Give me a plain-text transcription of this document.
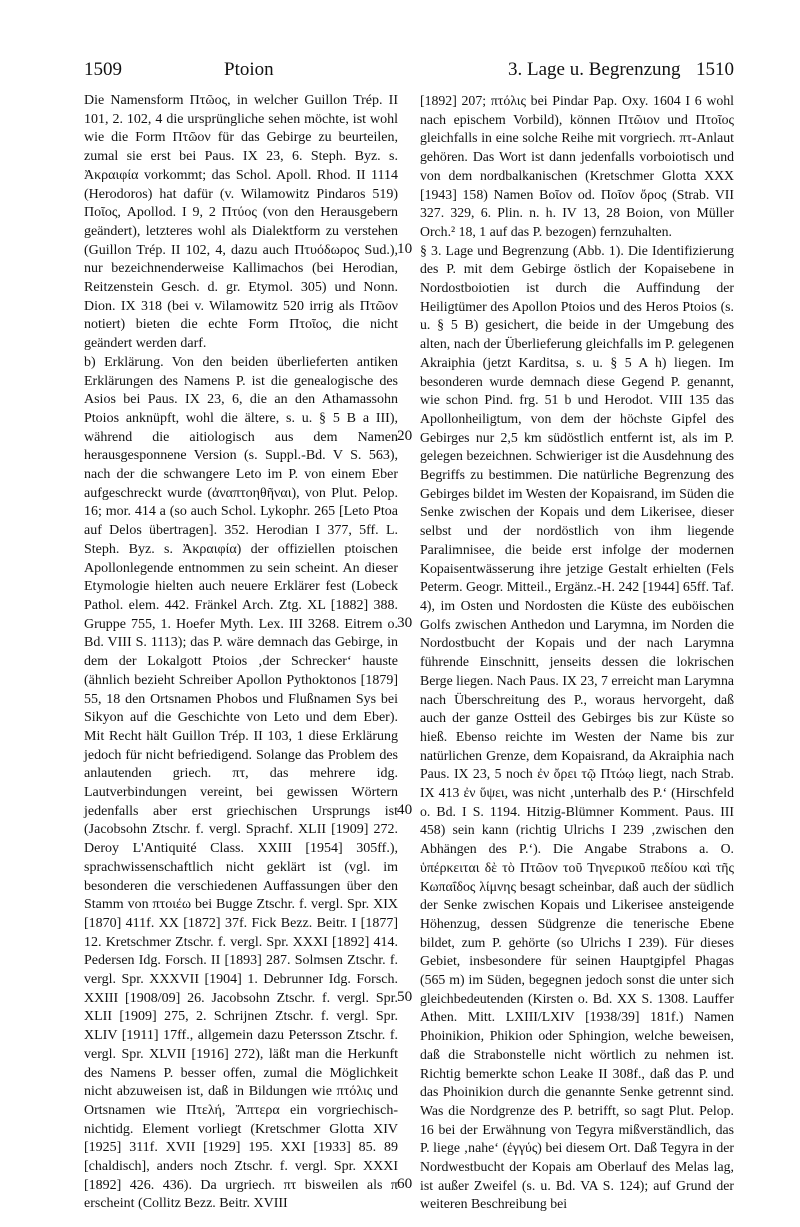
1509	Ptoion	3. Lage u. Begrenzung 1510

Die Namensform Πτῶος, in welcher Guillon Trép. II 101, 2. 102, 4 die ursprüngliche sehen möchte, ist wohl wie die Form Πτῶον für das Gebirge zu beurteilen, zumal sie erst bei Paus. IX 23, 6. Steph. Byz. s. Ἀκραιφία vorkommt; das Schol. Apoll. Rhod. II 1114 (Herodoros) hat dafür (v. Wilamowitz Pindaros 519) Ποῖος, Apollod. I 9, 2 Πτύος (von den Herausgebern geändert), letzteres wohl als Dialektform zu verstehen (Guillon Trép. II 102, 4, dazu auch Πτυόδωρος Sud.), nur bezeichnenderweise Kallimachos (bei Herodian, Reitzenstein Gesch. d. gr. Etymol. 305) und Nonn. Dion. IX 318 (bei v. Wilamowitz 520 irrig als Πτῶον notiert) bieten die echte Form Πτοῖος, die nicht geändert werden darf.

b) Erklärung. Von den beiden überlieferten antiken Erklärungen des Namens P. ist die genealogische des Asios bei Paus. IX 23, 6, die an den Athamassohn Ptoios anknüpft, wohl die ältere, s. u. § 5 B a III), während die aitiologisch aus dem Namen herausgesponnene Version (s. Suppl.-Bd. V S. 563), nach der die schwangere Leto im P. von einem Eber aufgeschreckt wurde (ἀναπτοηθῆναι), von Plut. Pelop. 16; mor. 414 a (so auch Schol. Lykophr. 265 [Leto Ptoa auf Delos übertragen]. 352. Herodian I 377, 5ff. L. Steph. Byz. s. Ἀκραιφία) der offiziellen ptoischen Apollonlegende entnommen zu sein scheint. An dieser Etymologie hielten auch neuere Erklärer fest (Lobeck Pathol. elem. 442. Fränkel Arch. Ztg. XL [1882] 388. Gruppe 755, 1. Hoefer Myth. Lex. III 3268. Eitrem o. Bd. VIII S. 1113); das P. wäre demnach das Gebirge, in dem der Lokalgott Ptoios ‚der Schrecker‘ hauste (ähnlich bezieht Schreiber Apollon Pythoktonos [1879] 55, 18 den Ortsnamen Phobos und Flußnamen Sys bei Sikyon auf die Geschichte von Leto und dem Eber). Mit Recht hält Guillon Trép. II 103, 1 diese Erklärung jedoch für nicht befriedigend. Solange das Problem des anlautenden griech. πτ, das mehrere idg. Lautverbindungen vereint, bei gewissen Wörtern jedenfalls aber erst griechischen Ursprungs ist (Jacobsohn Ztschr. f. vergl. Sprachf. XLII [1909] 272. Deroy L'Antiquité Class. XXIII [1954] 305ff.), sprachwissenschaftlich nicht geklärt ist (vgl. im besonderen die verschiedenen Auffassungen über den Stamm von πτοιέω bei Bugge Ztschr. f. vergl. Spr. XIX [1870] 411f. XX [1872] 37f. Fick Bezz. Beitr. I [1877] 12. Kretschmer Ztschr. f. vergl. Spr. XXXI [1892] 414. Pedersen Idg. Forsch. II [1893] 287. Solmsen Ztschr. f. vergl. Spr. XXXVII [1904] 1. Debrunner Idg. Forsch. XXIII [1908/09] 26. Jacobsohn Ztschr. f. vergl. Spr. XLII [1909] 275, 2. Schrijnen Ztschr. f. vergl. Spr. XLIV [1911] 17ff., allgemein dazu Petersson Ztschr. f. vergl. Spr. XLVII [1916] 272), läßt man die Herkunft des Namens P. besser offen, zumal die Möglichkeit nicht abzuweisen ist, daß in Bildungen wie πτόλις und Ortsnamen wie Πτελή, Ἄπτερα ein vorgriechisch-nichtidg. Element vorliegt (Kretschmer Glotta XIV [1925] 311f. XVII [1929] 195. XXI [1933] 85. 89 [chaldisch], anders noch Ztschr. f. vergl. Spr. XXXI [1892] 426. 436). Da urgriech. πτ bisweilen als π erscheint (Collitz Bezz. Beitr. XVIII

[1892] 207; πτόλις bei Pindar Pap. Oxy. 1604 I 6 wohl nach epischem Vorbild), können Πτῶιον und Πτοῖος gleichfalls in eine solche Reihe mit vorgriech. πτ-Anlaut gehören. Das Wort ist dann jedenfalls vorboiotisch und von dem nordbalkanischen (Kretschmer Glotta XXX [1943] 158) Namen Βοῖον od. Ποῖον ὄρος (Strab. VII 327. 329, 6. Plin. n. h. IV 13, 28 Boion, von Müller Orch.² 18, 1 auf das P. bezogen) fernzuhalten.

§ 3. Lage und Begrenzung (Abb. 1). Die Identifizierung des P. mit dem Gebirge östlich der Kopaisebene in Nordostboiotien ist durch die Auffindung der Heiligtümer des Apollon Ptoios und des Heros Ptoios (s. u. § 5 B) gesichert, die beide in der Umgebung des alten, nach der Überlieferung gleichfalls im P. gelegenen Akraiphia (jetzt Karditsa, s. u. § 5 A h) liegen. Im besonderen wurde demnach diese Gegend P. genannt, wie schon Pind. frg. 51 b und Herodot. VIII 135 das Apollonheiligtum, von dem der höchste Gipfel des Gebirges nur 2,5 km südöstlich entfernt ist, als im P. gelegen bezeichnen. Schwieriger ist die Ausdehnung des Begriffs zu bestimmen. Die natürliche Begrenzung des Gebirges bildet im Westen der Kopaisrand, im Süden die Senke zwischen der Kopais und dem Likerisee, dieser selbst und der nordöstlich von ihm liegende Paralimnisee, die beide erst infolge der modernen Kopaisentwässerung ihre jetzige Gestalt erhielten (Fels Peterm. Geogr. Mitteil., Ergänz.-H. 242 [1944] 65ff. Taf. 4), im Osten und Nordosten die Küste des euböischen Golfs zwischen Anthedon und Larymna, im Norden die Nordostbucht der Kopais und der nach Larymna führende Einschnitt, jenseits dessen die lokrischen Berge liegen. Nach Paus. IX 23, 7 erreicht man Larymna nach Überschreitung des P., woraus hervorgeht, daß auch der ganze Ostteil des Gebirges bis zur Küste so hieß. Ebenso reichte im Westen der Name bis zur natürlichen Grenze, dem Kopaisrand, da Akraiphia nach Paus. IX 23, 5 noch ἐν ὄρει τῷ Πτώῳ liegt, nach Strab. IX 413 ἐν ὕψει, was nicht ‚unterhalb des P.‘ (Hirschfeld o. Bd. I S. 1194. Hitzig-Blümner Komment. Paus. III 458) sein kann (richtig Ulrichs I 239 ‚zwischen den Abhängen des P.‘). Die Angabe Strabons a. O. ὑπέρκειται δὲ τὸ Πτῶον τοῦ Τηνερικοῦ πεδίου καὶ τῆς Κωπαΐδος λίμνης besagt scheinbar, daß auch der südlich der Senke zwischen Kopais und Likerisee ansteigende Höhenzug, dessen Südgrenze die tenerische Ebene bildet, zum P. gehörte (so Ulrichs I 239). Für dieses Gebiet, insbesondere für seinen Hauptgipfel Phagas (565 m) im Süden, begegnen jedoch sonst die unter sich gleichbedeutenden (Kirsten o. Bd. XX S. 1308. Lauffer Athen. Mitt. LXIII/LXIV [1938/39] 181f.) Namen Phoinikion, Phikion oder Sphingion, welche beweisen, daß die Strabonstelle nicht wörtlich zu nehmen ist. Richtig bemerkte schon Leake II 308f., daß das P. und das Phoinikion durch die genannte Senke getrennt sind. Was die Nordgrenze des P. betrifft, so sagt Plut. Pelop. 16 bei der Erwähnung von Tegyra mißverständlich, das P. liege ‚nahe‘ (ἐγγύς) bei diesem Ort. Daß Tegyra in der Nordwestbucht der Kopais am Oberlauf des Melas lag, ist außer Zweifel (s. u. Bd. VA S. 124); auf Grund der weiteren Beschreibung bei

10
20
30
40
50
60
